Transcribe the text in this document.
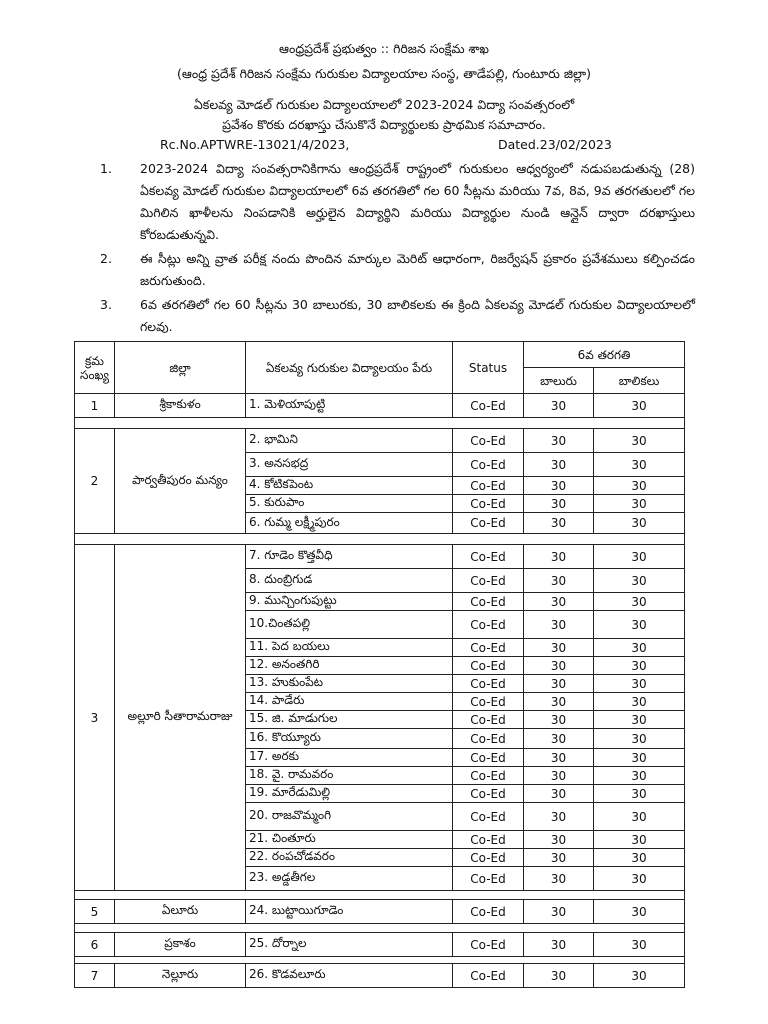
ఆంధ్రప్రదేశ్ ప్రభుత్వం :: గిరిజన సంక్షేమ శాఖ
(ఆంధ్ర ప్రదేశ్ గిరిజన సంక్షేమ గురుకుల విద్యాలయాల సంస్థ, తాడేపల్లి, గుంటూరు జిల్లా)
ఏకలవ్య మోడల్ గురుకుల విద్యాలయాలలో 2023-2024 విద్యా సంవత్సరంలో
ప్రవేశం కొరకు దరఖాస్తు చేసుకొనే విద్యార్థులకు ప్రాథమిక సమాచారం.
Rc.No.APTWRE-13021/4/2023,	Dated.23/02/2023
1. 2023-2024 విద్యా సంవత్సరానికిగాను ఆంధ్రప్రదేశ్ రాష్ట్రంలో గురుకులం ఆధ్వర్యంలో నడుపబడుతున్న (28) ఏకలవ్య మోడల్ గురుకుల విద్యాలయాలలో 6వ తరగతిలో గల 60 సీట్లను మరియు 7వ, 8వ, 9వ తరగతులలో గల మిగిలిన ఖాళీలను నింపడానికి అర్హులైన విద్యార్థిని మరియు విద్యార్థుల నుండి ఆన్లైన్ ద్వారా దరఖాస్తులు కోరబడుతున్నవి.
2. ఈ సీట్లు అన్ని వ్రాత పరీక్ష నందు పొందిన మార్కుల మెరిట్ ఆధారంగా, రిజర్వేషన్ ప్రకారం ప్రవేశములు కల్పించడం జరుగుతుంది.
3. 6వ తరగతిలో గల 60 సీట్లను 30 బాలురకు, 30 బాలికలకు ఈ క్రింది ఏకలవ్య మోడల్ గురుకుల విద్యాలయాలలో గలవు.
క్రమ సంఖ్య	జిల్లా	ఏకలవ్య గురుకుల విద్యాలయం పేరు	Status	6వ తరగతి	
				బాలురు	బాలికలు
1	శ్రీకాకుళం	1. మెళియాపుట్టి	Co-Ed	30	30

2	పార్వతీపురం మన్యం	2. భామిని	Co-Ed	30	30
		3. అనసభద్ర	Co-Ed	30	30
		4. కోటికపెంట	Co-Ed	30	30
		5. కురుపాం	Co-Ed	30	30
		6. గుమ్మ లక్ష్మీపురం	Co-Ed	30	30

3	అల్లూరి సీతారామరాజు	7. గూడెం కొత్తవీధి	Co-Ed	30	30
		8. దుంబ్రిగుడ	Co-Ed	30	30
		9. మున్చింగుపుట్టు	Co-Ed	30	30
		10.చింతపల్లి	Co-Ed	30	30
		11. పెద బయలు	Co-Ed	30	30
		12. అనంతగిరి	Co-Ed	30	30
		13. హుకుంపేట	Co-Ed	30	30
		14. పాడేరు	Co-Ed	30	30
		15. జి. మాడుగుల	Co-Ed	30	30
		16. కొయ్యూరు	Co-Ed	30	30
		17. అరకు	Co-Ed	30	30
		18. వై. రామవరం	Co-Ed	30	30
		19. మారేడుమిల్లి	Co-Ed	30	30
		20. రాజవొమ్మంగి	Co-Ed	30	30
		21. చింతూరు	Co-Ed	30	30
		22. రంపచోడవరం	Co-Ed	30	30
		23. అడ్డతీగల	Co-Ed	30	30

5	ఏలూరు	24. బుట్టాయిగూడెం	Co-Ed	30	30

6	ప్రకాశం	25. దోర్నాల	Co-Ed	30	30

7	నెల్లూరు	26. కొడవలూరు	Co-Ed	30	30
